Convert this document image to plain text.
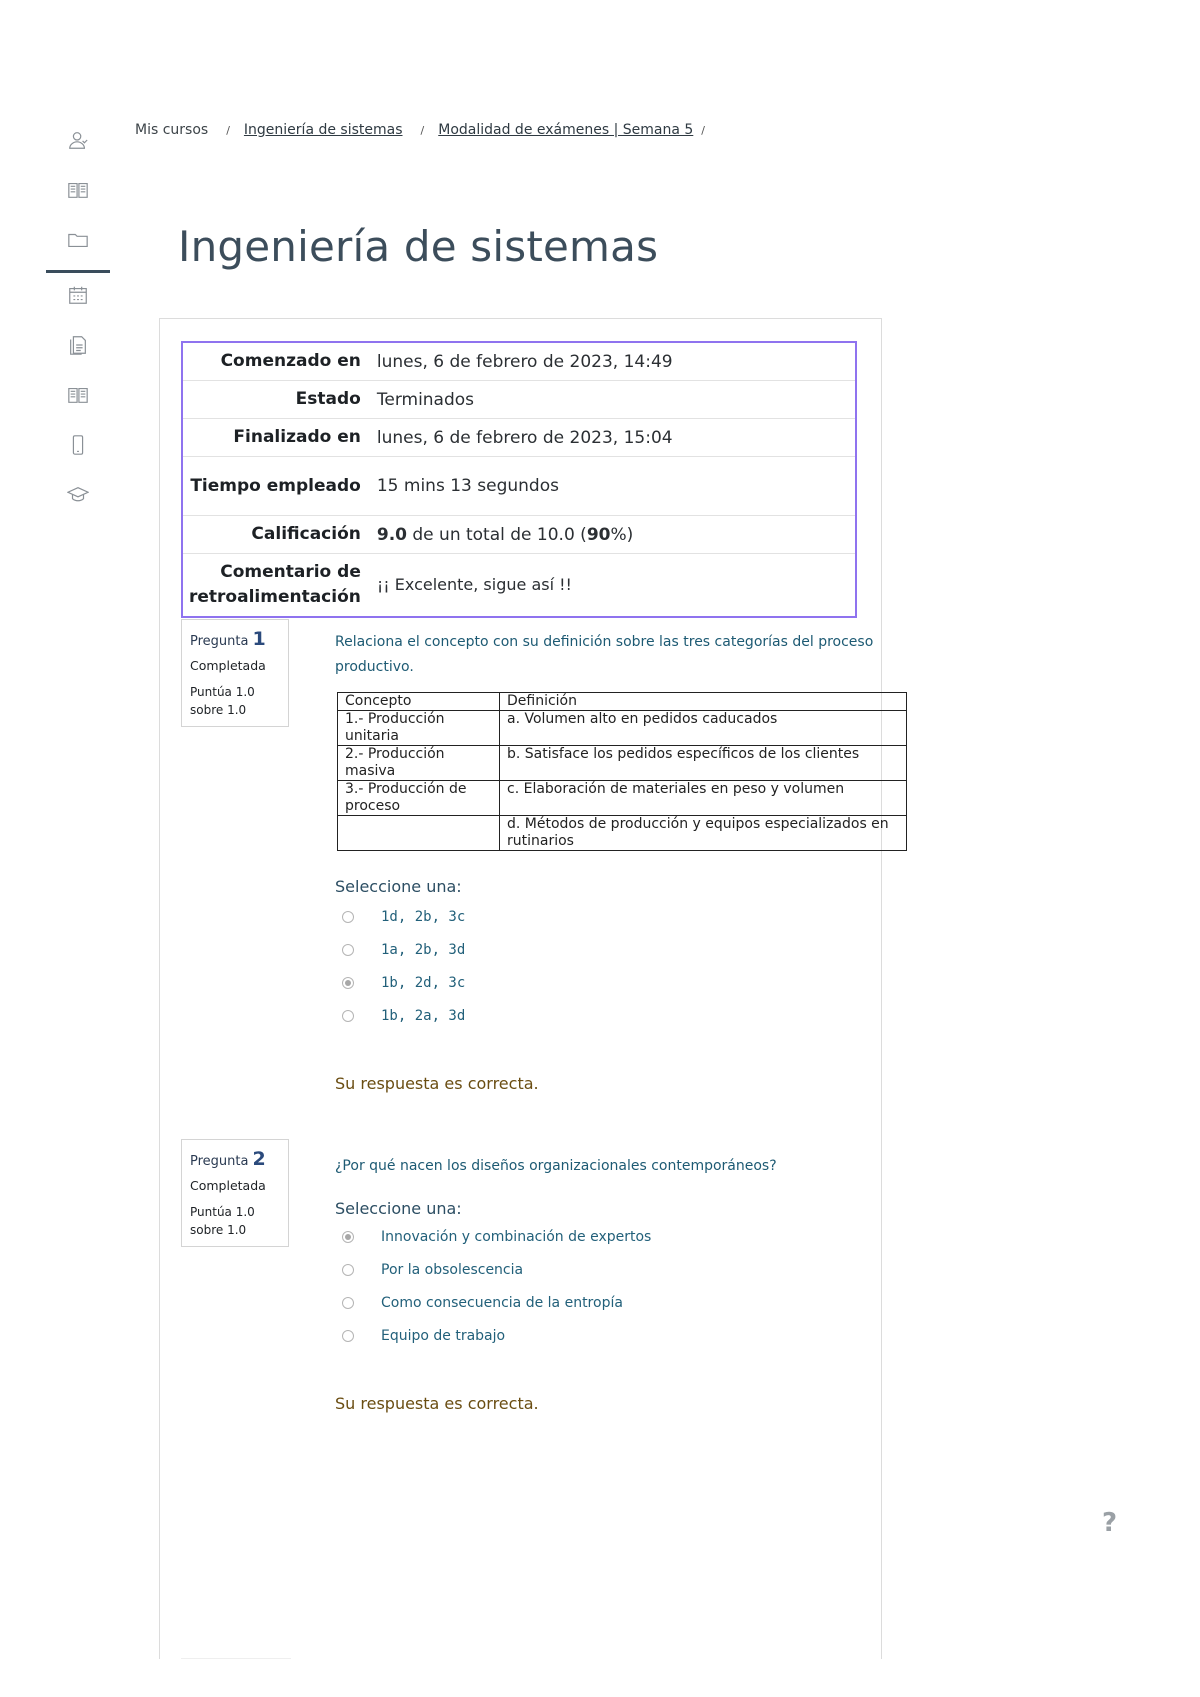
Mis cursos / Ingeniería de sistemas / Modalidad de exámenes | Semana 5 /
Ingeniería de sistemas
Comenzado en	lunes, 6 de febrero de 2023, 14:49
Estado	Terminados
Finalizado en	lunes, 6 de febrero de 2023, 15:04
Tiempo empleado	15 mins 13 segundos
Calificación	9.0 de un total de 10.0 (90%)
Comentario de retroalimentación	¡¡ Excelente, sigue así !!
Pregunta 1
Completada
Puntúa 1.0 sobre 1.0
Relaciona el concepto con su definición sobre las tres categorías del proceso productivo.
Concepto	Definición
1.- Producción unitaria	a. Volumen alto en pedidos caducados
2.- Producción masiva	b. Satisface los pedidos específicos de los clientes
3.- Producción de proceso	c. Elaboración de materiales en peso y volumen
	d. Métodos de producción y equipos especializados en rutinarios
Seleccione una:
1d, 2b, 3c
1a, 2b, 3d
1b, 2d, 3c
1b, 2a, 3d
Su respuesta es correcta.
Pregunta 2
Completada
Puntúa 1.0 sobre 1.0
¿Por qué nacen los diseños organizacionales contemporáneos?
Seleccione una:
Innovación y combinación de expertos
Por la obsolescencia
Como consecuencia de la entropía
Equipo de trabajo
Su respuesta es correcta.
?
